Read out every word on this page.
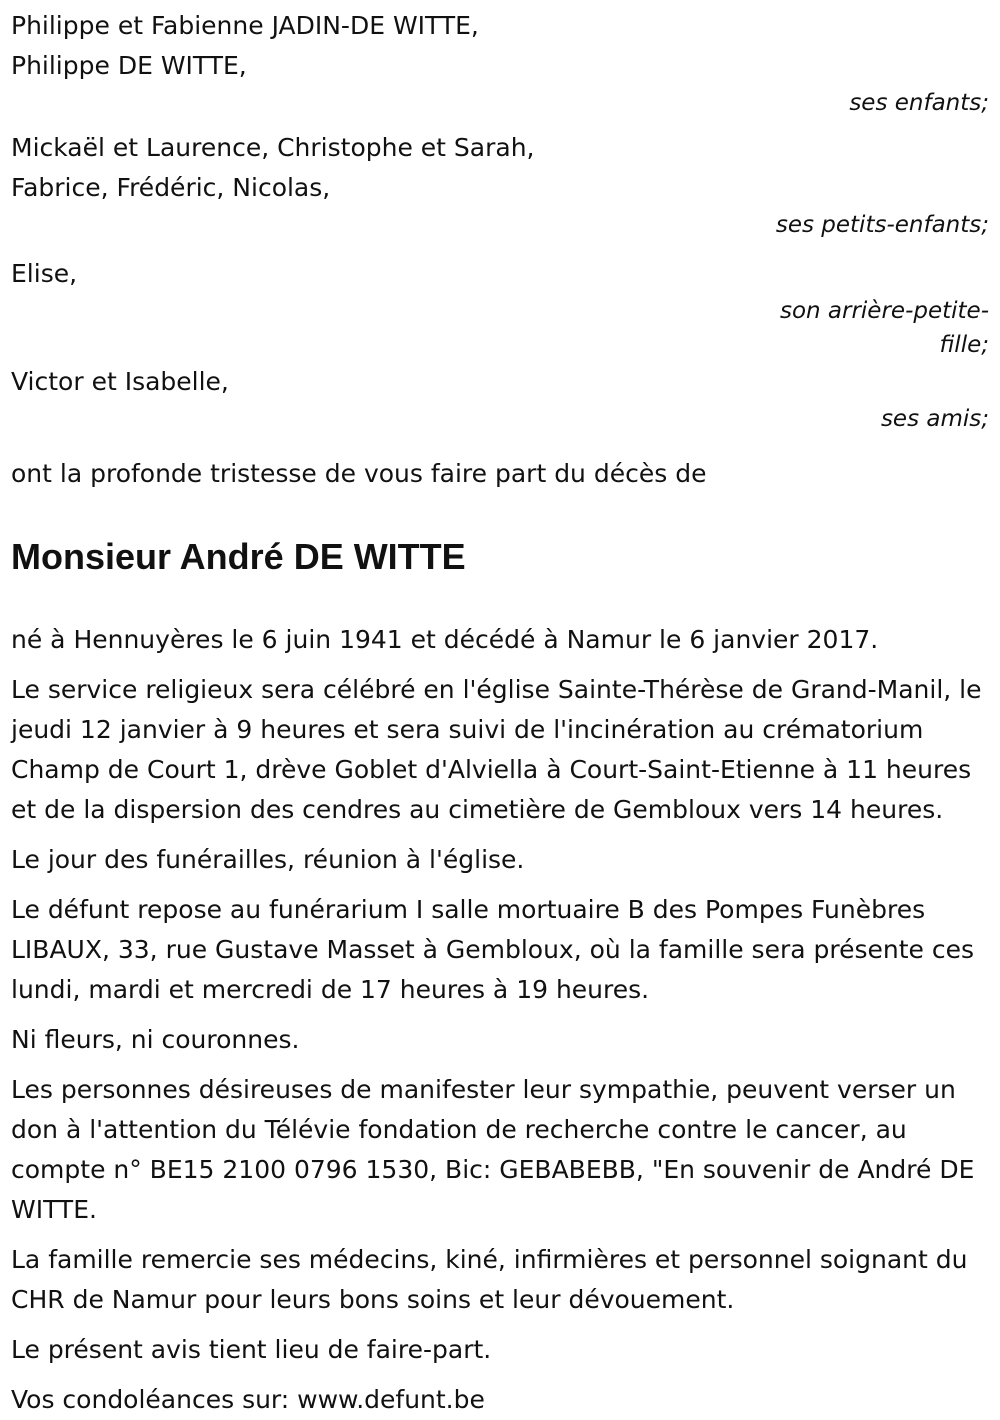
Philippe et Fabienne JADIN-DE WITTE,
Philippe DE WITTE,
ses enfants;
Mickaël et Laurence, Christophe et Sarah,
Fabrice, Frédéric, Nicolas,
ses petits-enfants;
Elise,
son arrière-petite-
fille;
Victor et Isabelle,
ses amis;
ont la profonde tristesse de vous faire part du décès de
Monsieur André DE WITTE
né à Hennuyères le 6 juin 1941 et décédé à Namur le 6 janvier 2017.
Le service religieux sera célébré en l'église Sainte-Thérèse de Grand-Manil, le jeudi 12 janvier à 9 heures et sera suivi de l'incinération au crématorium Champ de Court 1, drève Goblet d'Alviella à Court-Saint-Etienne à 11 heures et de la dispersion des cendres au cimetière de Gembloux vers 14 heures.
Le jour des funérailles, réunion à l'église.
Le défunt repose au funérarium I salle mortuaire B des Pompes Funèbres LIBAUX, 33, rue Gustave Masset à Gembloux, où la famille sera présente ces lundi, mardi et mercredi de 17 heures à 19 heures.
Ni fleurs, ni couronnes.
Les personnes désireuses de manifester leur sympathie, peuvent verser un don à l'attention du Télévie fondation de recherche contre le cancer, au compte n° BE15 2100 0796 1530, Bic: GEBABEBB, "En souvenir de André DE WITTE.
La famille remercie ses médecins, kiné, infirmières et personnel soignant du CHR de Namur pour leurs bons soins et leur dévouement.
Le présent avis tient lieu de faire-part.
Vos condoléances sur: www.defunt.be
